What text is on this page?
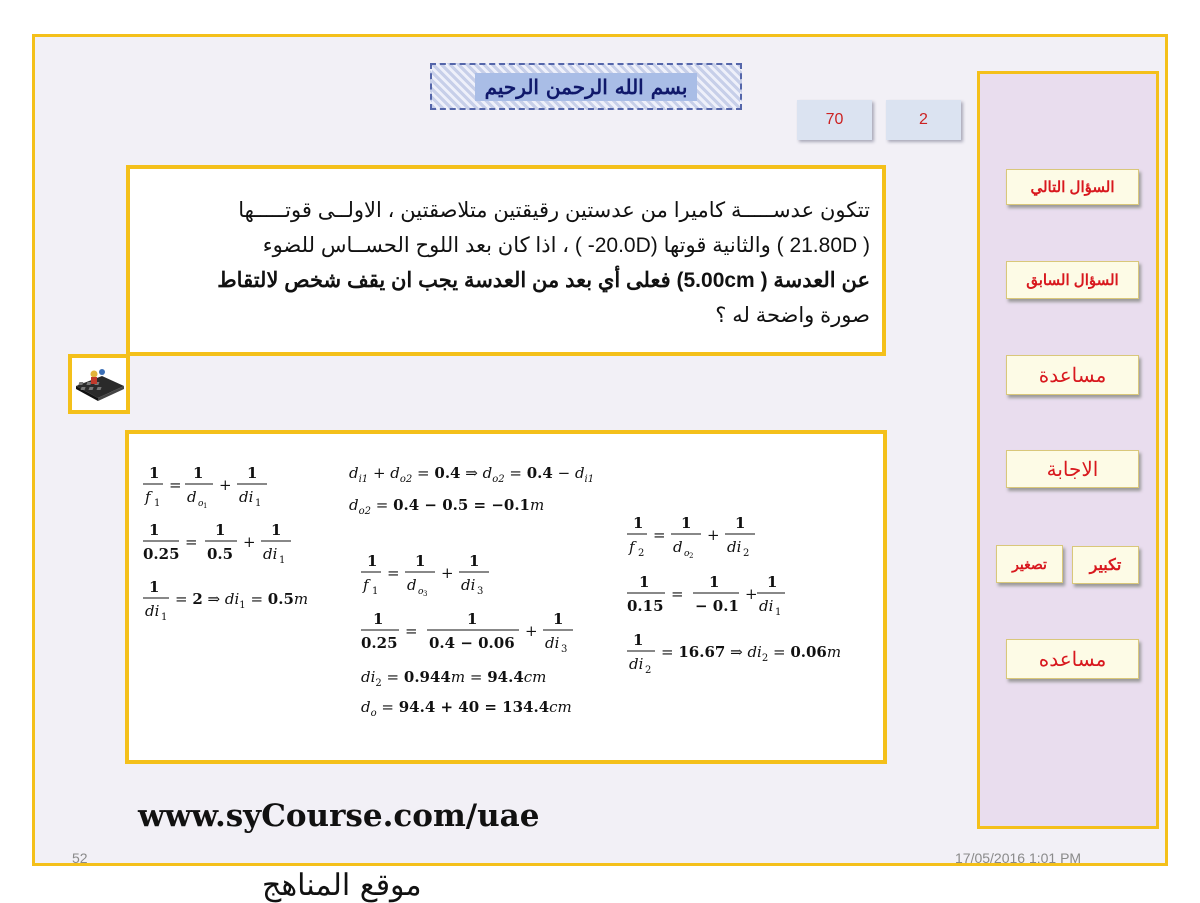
بسم الله الرحمن الرحيم
70	2
تتكون عدســـــة كاميرا من عدستين رقيقتين متلاصقتين ، الاولــى قوتـــــها
( 21.80D ) والثانية قوتها (20.0D- ) ، اذا كان بعد اللوح الحســاس للضوء
عن العدسة ( 5.00cm) فعلى أي بعد من العدسة يجب ان يقف شخص لالتقاط
صورة واضحة له ؟
1
f 1
=
1
d o 1
+
1
di 1
1
0.25
=
1
0.5
+
1
di 1
1
di 1
= 2 ⇒ $di_1 = 0.5m$
$d_{i1} + d_{o2} = 0.4$ ⇒ $d_{o2} = 0.4 - d_{i1}$
$d_{o2} = 0.4 - 0.5 = -0.1m$
1
f 1
=
1
d o 3
+
1
di 3
1
0.25
=
1
0.4 − 0.06
+
1
di 3
$di_2 = 0.944m = 94.4cm$
$d_o = 94.4 + 40 = 134.4cm$
1
f 2
=
1
d o 2
+
1
di 2
1
0.15
=
1
− 0.1
+
1
di 1
1
di 2
= 16.67 ⇒ $di_2 = 0.06m$
السؤال التالي
السؤال السابق
مساعدة
الاجابة
تصغير	تكبير
مساعده
www.syCourse.com/uae
52	17/05/2016 1:01 PM
موقع المناهج
